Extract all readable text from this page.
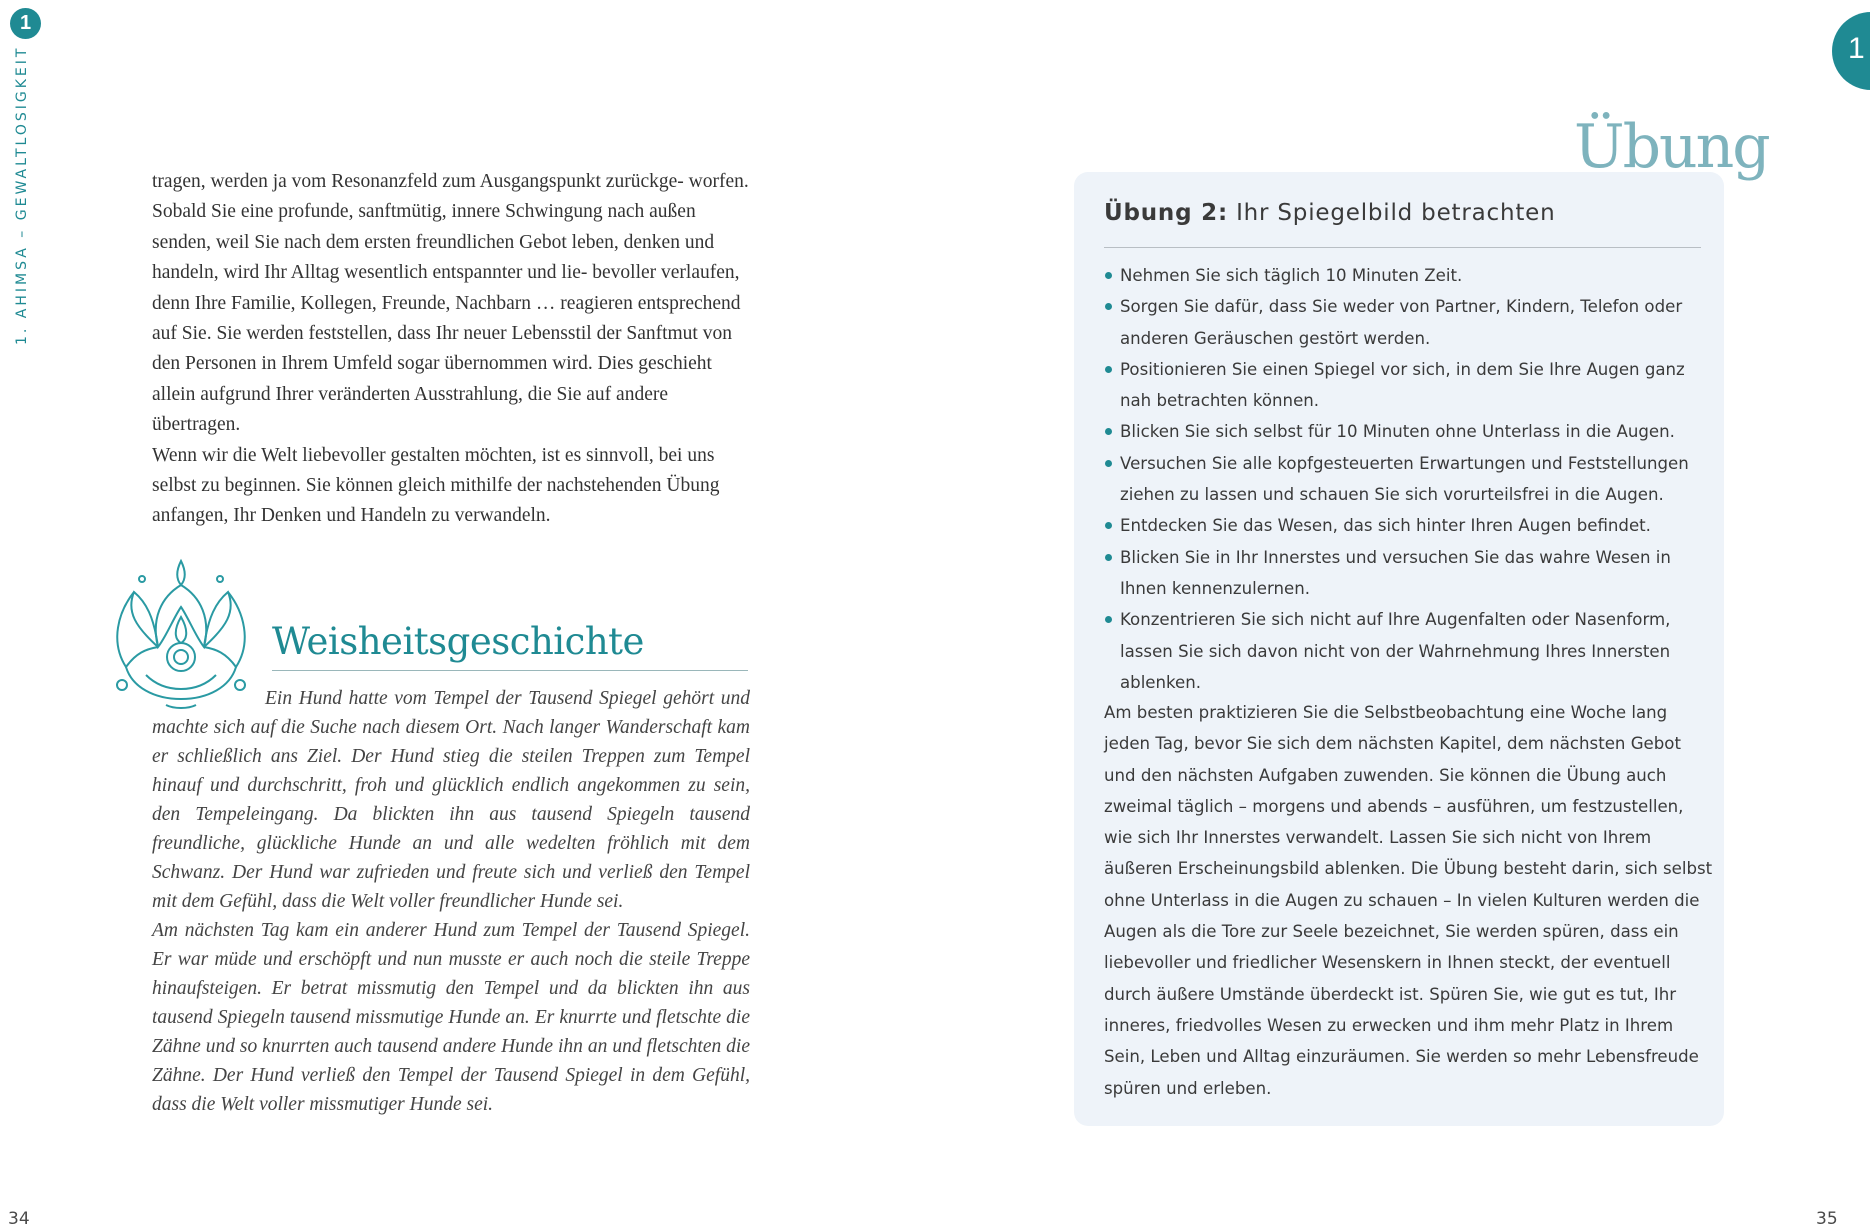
1
1. AHIMSA – GEWALTLOSIGKEIT	tragen, werden ja vom Resonanzfeld zum Ausgangspunkt zurückge- worfen. Sobald Sie eine profunde, sanftmütig, innere Schwingung nach außen senden, weil Sie nach dem ersten freundlichen Gebot leben, denken und handeln, wird Ihr Alltag wesentlich entspannter und lie- bevoller verlaufen, denn Ihre Familie, Kollegen, Freunde, Nachbarn … reagieren entsprechend auf Sie. Sie werden feststellen, dass Ihr neuer Lebensstil der Sanftmut von den Personen in Ihrem Umfeld sogar übernommen wird. Dies geschieht allein aufgrund Ihrer veränderten Ausstrahlung, die Sie auf andere übertragen.
Wenn wir die Welt liebevoller gestalten möchten, ist es sinnvoll, bei uns selbst zu beginnen. Sie können gleich mithilfe der nachstehenden Übung anfangen, Ihr Denken und Handeln zu verwandeln.

Weisheitsgeschichte

Ein Hund hatte vom Tempel der Tausend Spiegel gehört und machte sich auf die Suche nach diesem Ort. Nach langer Wanderschaft kam er schließlich ans Ziel. Der Hund stieg die steilen Treppen zum Tempel hinauf und durchschritt, froh und glücklich endlich angekommen zu sein, den Tempeleingang. Da blickten ihn aus tausend Spiegeln tausend freundliche, glückliche Hunde an und alle wedelten fröhlich mit dem Schwanz. Der Hund war zufrieden und freute sich und verließ den Tempel mit dem Gefühl, dass die Welt voller freundlicher Hunde sei.

Am nächsten Tag kam ein anderer Hund zum Tempel der Tausend Spiegel. Er war müde und erschöpft und nun musste er auch noch die steile Treppe hinaufsteigen. Er betrat missmutig den Tempel und da blickten ihn aus tausend Spiegeln tausend missmutige Hunde an. Er knurrte und fletschte die Zähne und so knurrten auch tausend andere Hunde ihn an und fletschten die Zähne. Der Hund verließ den Tempel der Tausend Spiegel in dem Gefühl, dass die Welt voller missmutiger Hunde sei.

34
1
Übung
Übung 2: Ihr Spiegelbild betrachten
Nehmen Sie sich täglich 10 Minuten Zeit.
Sorgen Sie dafür, dass Sie weder von Partner, Kindern, Telefon oder anderen Geräuschen gestört werden.
Positionieren Sie einen Spiegel vor sich, in dem Sie Ihre Augen ganz nah betrachten können.
Blicken Sie sich selbst für 10 Minuten ohne Unterlass in die Augen.
Versuchen Sie alle kopfgesteuerten Erwartungen und Feststellungen ziehen zu lassen und schauen Sie sich vorurteilsfrei in die Augen.
Entdecken Sie das Wesen, das sich hinter Ihren Augen befindet.
Blicken Sie in Ihr Innerstes und versuchen Sie das wahre Wesen in Ihnen kennenzulernen.
Konzentrieren Sie sich nicht auf Ihre Augenfalten oder Nasenform, lassen Sie sich davon nicht von der Wahrnehmung Ihres Innersten ablenken.

Am besten praktizieren Sie die Selbstbeobachtung eine Woche lang jeden Tag, bevor Sie sich dem nächsten Kapitel, dem nächsten Gebot und den nächsten Aufgaben zuwenden. Sie können die Übung auch zweimal täglich – morgens und abends – ausführen, um festzustellen, wie sich Ihr Innerstes verwandelt. Lassen Sie sich nicht von Ihrem äußeren Erscheinungsbild ablenken. Die Übung besteht darin, sich selbst ohne Unterlass in die Augen zu schauen – In vielen Kulturen werden die Augen als die Tore zur Seele bezeichnet, Sie werden spüren, dass ein liebevoller und friedlicher Wesenskern in Ihnen steckt, der eventuell durch äußere Umstände überdeckt ist. Spüren Sie, wie gut es tut, Ihr inneres, friedvolles Wesen zu erwecken und ihm mehr Platz in Ihrem Sein, Leben und Alltag einzuräumen. Sie werden so mehr Lebensfreude spüren und erleben.

35
